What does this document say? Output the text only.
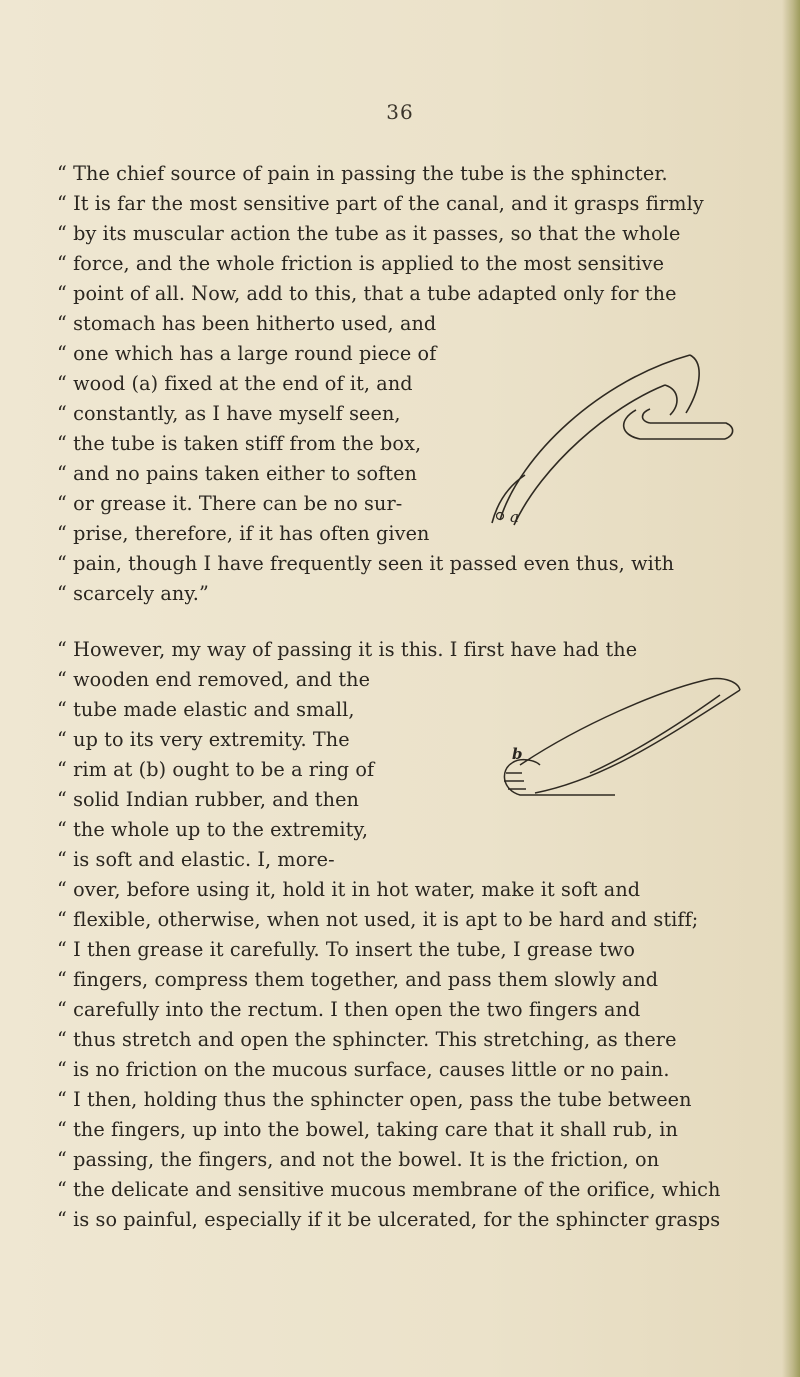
36
“ The chief source of pain in passing the tube is the sphincter.
“ It is far the most sensitive part of the canal, and it grasps firmly
“ by its muscular action the tube as it passes, so that the whole
“ force, and the whole friction is applied to the most sensitive
“ point of all. Now, add to this, that a tube adapted only for the
“ stomach has been hitherto used, and
“ one which has a large round piece of
“ wood (a) fixed at the end of it, and
“ constantly, as I have myself seen,
“ the tube is taken stiff from the box,
“ and no pains taken either to soften
“ or grease it. There can be no sur-
“ prise, therefore, if it has often given
“ pain, though I have frequently seen it passed even thus, with
“ scarcely any.”
a
“ However, my way of passing it is this. I first have had the
“ wooden end removed, and the
“ tube made elastic and small,
“ up to its very extremity. The
“ rim at (b) ought to be a ring of
“ solid Indian rubber, and then
“ the whole up to the extremity,
“ is soft and elastic. I, more-
“ over, before using it, hold it in hot water, make it soft and
“ flexible, otherwise, when not used, it is apt to be hard and stiff;
“ I then grease it carefully. To insert the tube, I grease two
“ fingers, compress them together, and pass them slowly and
“ carefully into the rectum. I then open the two fingers and
“ thus stretch and open the sphincter. This stretching, as there
“ is no friction on the mucous surface, causes little or no pain.
“ I then, holding thus the sphincter open, pass the tube between
“ the fingers, up into the bowel, taking care that it shall rub, in
“ passing, the fingers, and not the bowel. It is the friction, on
“ the delicate and sensitive mucous membrane of the orifice, which
“ is so painful, especially if it be ulcerated, for the sphincter grasps
b
